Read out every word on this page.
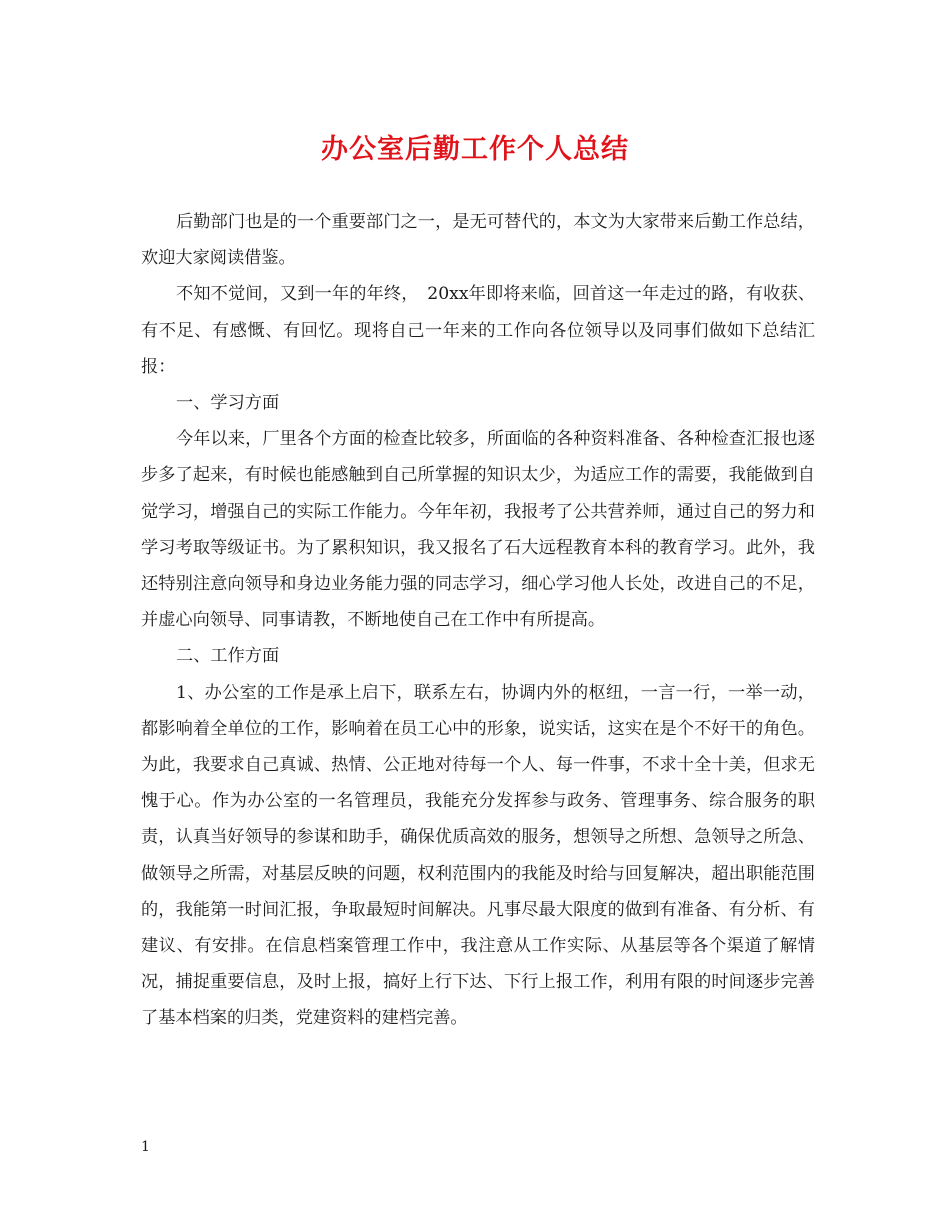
办公室后勤工作个人总结

后勤部门也是的一个重要部门之一，是无可替代的，本文为大家带来后勤工作总结，欢迎大家阅读借鉴。

不知不觉间，又到一年的年终，　20xx年即将来临，回首这一年走过的路，有收获、有不足、有感慨、有回忆。现将自己一年来的工作向各位领导以及同事们做如下总结汇报：

一、学习方面

今年以来，厂里各个方面的检查比较多，所面临的各种资料准备、各种检查汇报也逐步多了起来，有时候也能感触到自己所掌握的知识太少，为适应工作的需要，我能做到自觉学习，增强自己的实际工作能力。今年年初，我报考了公共营养师，通过自己的努力和学习考取等级证书。为了累积知识，我又报名了石大远程教育本科的教育学习。此外，我还特别注意向领导和身边业务能力强的同志学习，细心学习他人长处，改进自己的不足，并虚心向领导、同事请教，不断地使自己在工作中有所提高。

二、工作方面

1、办公室的工作是承上启下，联系左右，协调内外的枢纽，一言一行，一举一动，都影响着全单位的工作，影响着在员工心中的形象，说实话，这实在是个不好干的角色。为此，我要求自己真诚、热情、公正地对待每一个人、每一件事，不求十全十美，但求无愧于心。作为办公室的一名管理员，我能充分发挥参与政务、管理事务、综合服务的职责，认真当好领导的参谋和助手，确保优质高效的服务，想领导之所想、急领导之所急、做领导之所需，对基层反映的问题，权利范围内的我能及时给与回复解决，超出职能范围的，我能第一时间汇报，争取最短时间解决。凡事尽最大限度的做到有准备、有分析、有建议、有安排。在信息档案管理工作中，我注意从工作实际、从基层等各个渠道了解情况，捕捉重要信息，及时上报，搞好上行下达、下行上报工作，利用有限的时间逐步完善了基本档案的归类，党建资料的建档完善。

1
